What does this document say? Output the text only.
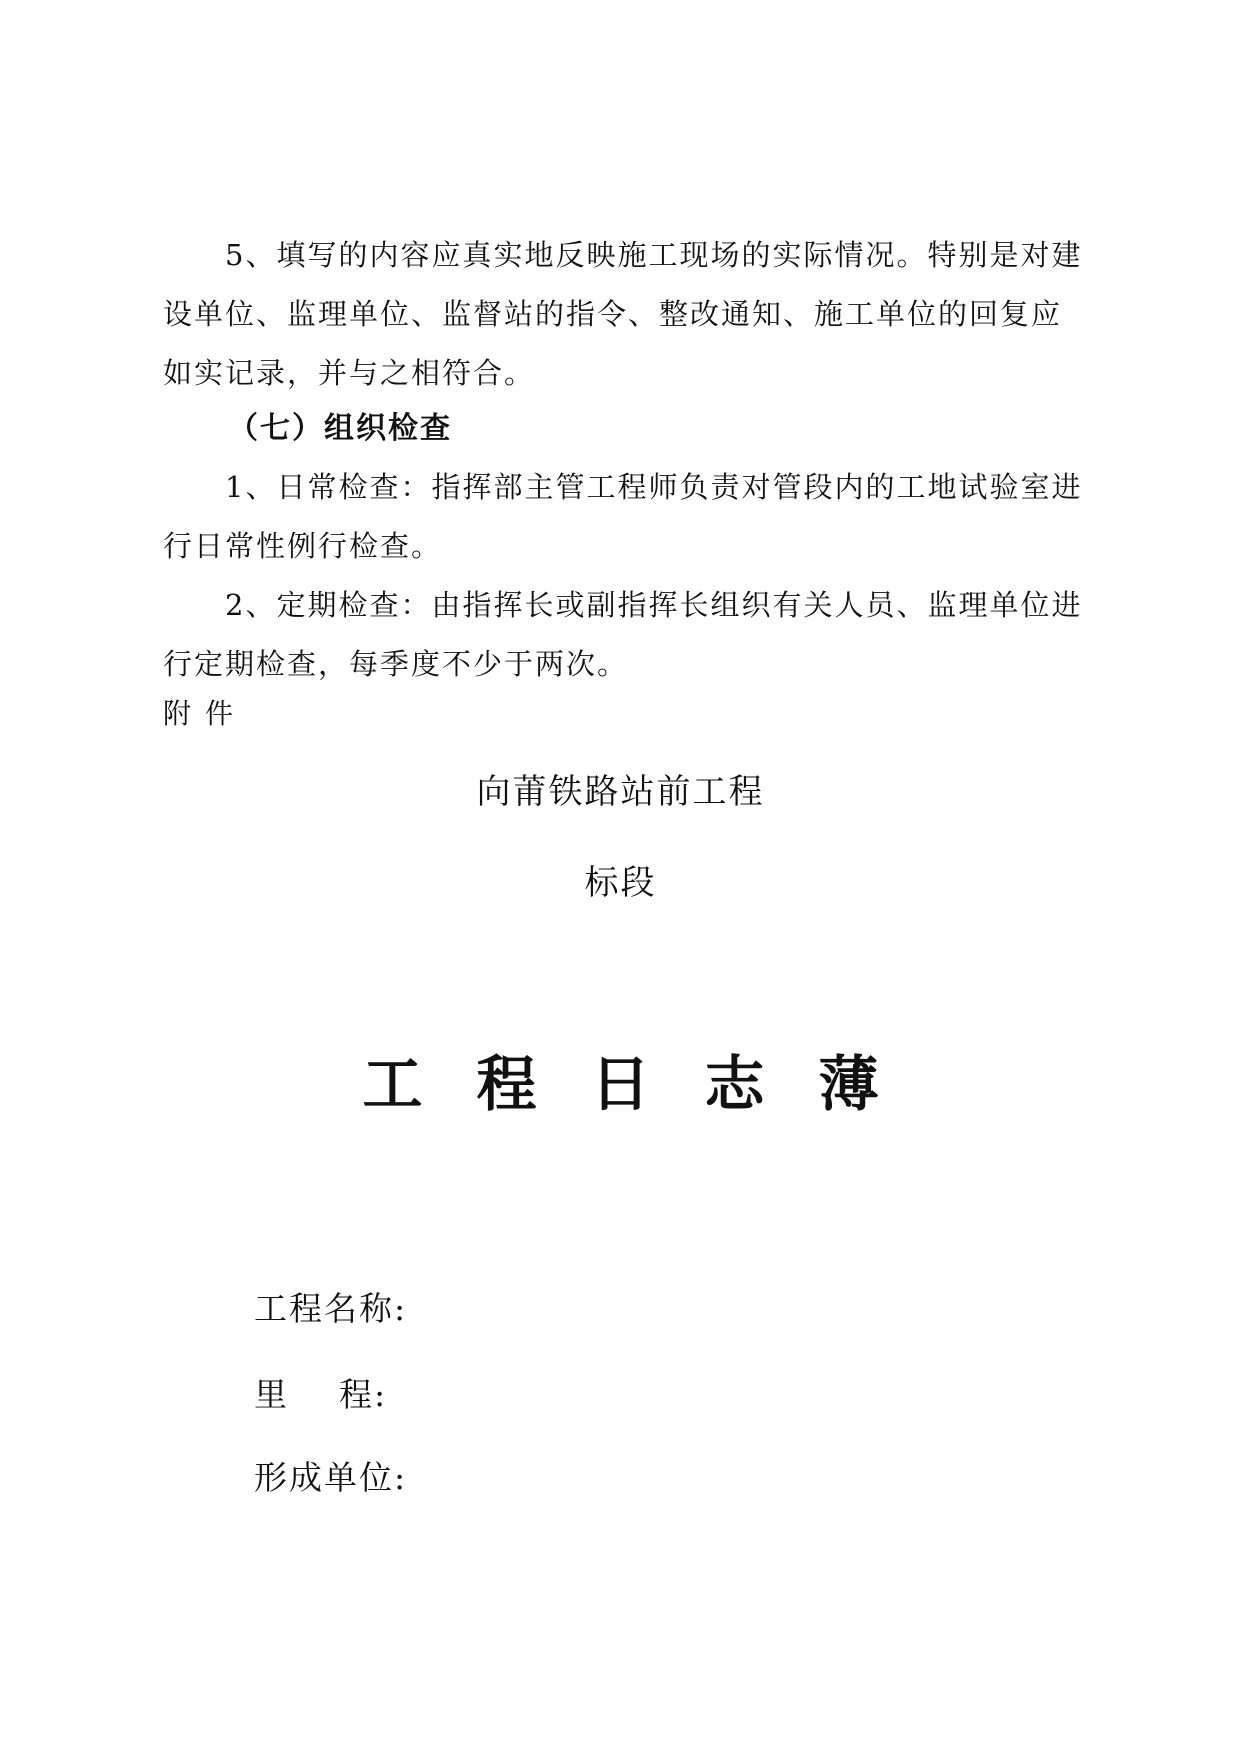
5、填写的内容应真实地反映施工现场的实际情况。特别是对建设单位、监理单位、监督站的指令、整改通知、施工单位的回复应如实记录，并与之相符合。

（七）组织检查

1、日常检查：指挥部主管工程师负责对管段内的工地试验室进行日常性例行检查。

2、定期检查：由指挥长或副指挥长组织有关人员、监理单位进行定期检查，每季度不少于两次。

附件
向莆铁路站前工程
标段
工程日志薄
工程名称:
里    程:
形成单位:
